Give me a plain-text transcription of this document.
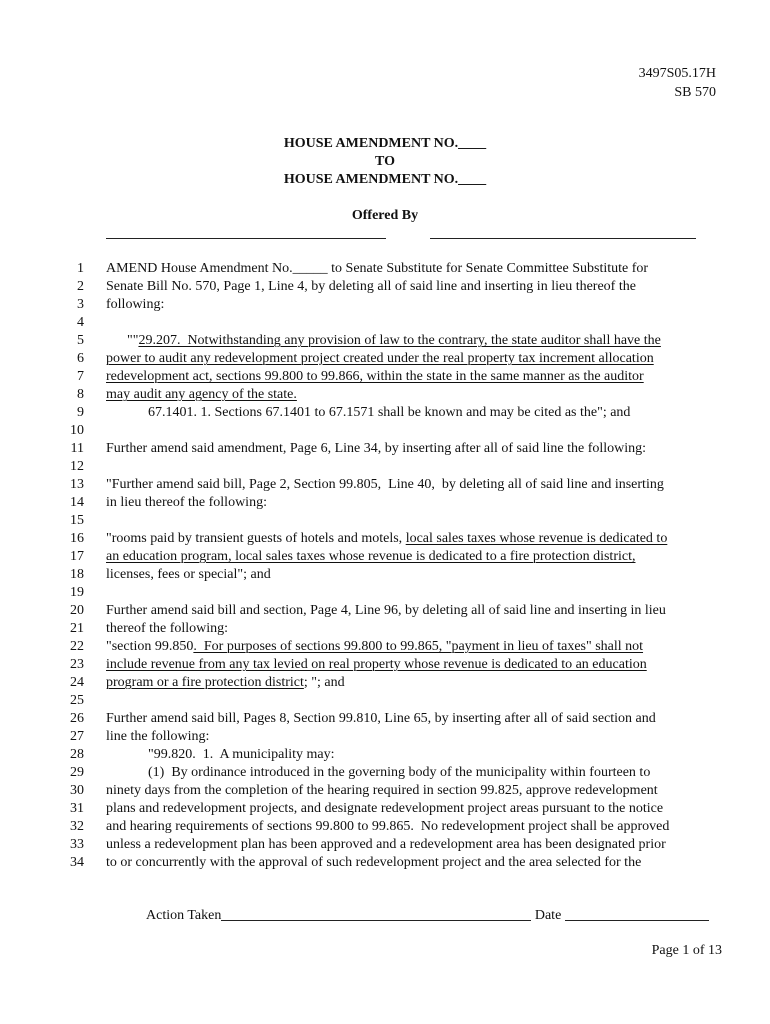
3497S05.17H
SB 570
HOUSE AMENDMENT NO.____
TO
HOUSE AMENDMENT NO.____
Offered By
1 AMEND House Amendment No._____ to Senate Substitute for Senate Committee Substitute for
2 Senate Bill No. 570, Page 1, Line 4, by deleting all of said line and inserting in lieu thereof the
3 following:
4
5 ""29.207.  Notwithstanding any provision of law to the contrary, the state auditor shall have the
6 power to audit any redevelopment project created under the real property tax increment allocation
7 redevelopment act, sections 99.800 to 99.866, within the state in the same manner as the auditor
8 may audit any agency of the state.
9 67.1401. 1. Sections 67.1401 to 67.1571 shall be known and may be cited as the"; and
10
11 Further amend said amendment, Page 6, Line 34, by inserting after all of said line the following:
12
13 "Further amend said bill, Page 2, Section 99.805,  Line 40,  by deleting all of said line and inserting
14 in lieu thereof the following:
15
16 "rooms paid by transient guests of hotels and motels, local sales taxes whose revenue is dedicated to
17 an education program, local sales taxes whose revenue is dedicated to a fire protection district,
18 licenses, fees or special"; and
19
20 Further amend said bill and section, Page 4, Line 96, by deleting all of said line and inserting in lieu
21 thereof the following:
22 "section 99.850.  For purposes of sections 99.800 to 99.865, "payment in lieu of taxes" shall not
23 include revenue from any tax levied on real property whose revenue is dedicated to an education
24 program or a fire protection district; "; and
25
26 Further amend said bill, Pages 8, Section 99.810, Line 65, by inserting after all of said section and
27 line the following:
28 "99.820.  1.  A municipality may:
29 (1)  By ordinance introduced in the governing body of the municipality within fourteen to
30 ninety days from the completion of the hearing required in section 99.825, approve redevelopment
31 plans and redevelopment projects, and designate redevelopment project areas pursuant to the notice
32 and hearing requirements of sections 99.800 to 99.865.  No redevelopment project shall be approved
33 unless a redevelopment plan has been approved and a redevelopment area has been designated prior
34 to or concurrently with the approval of such redevelopment project and the area selected for the
Action Taken	Date
Page 1 of 13
